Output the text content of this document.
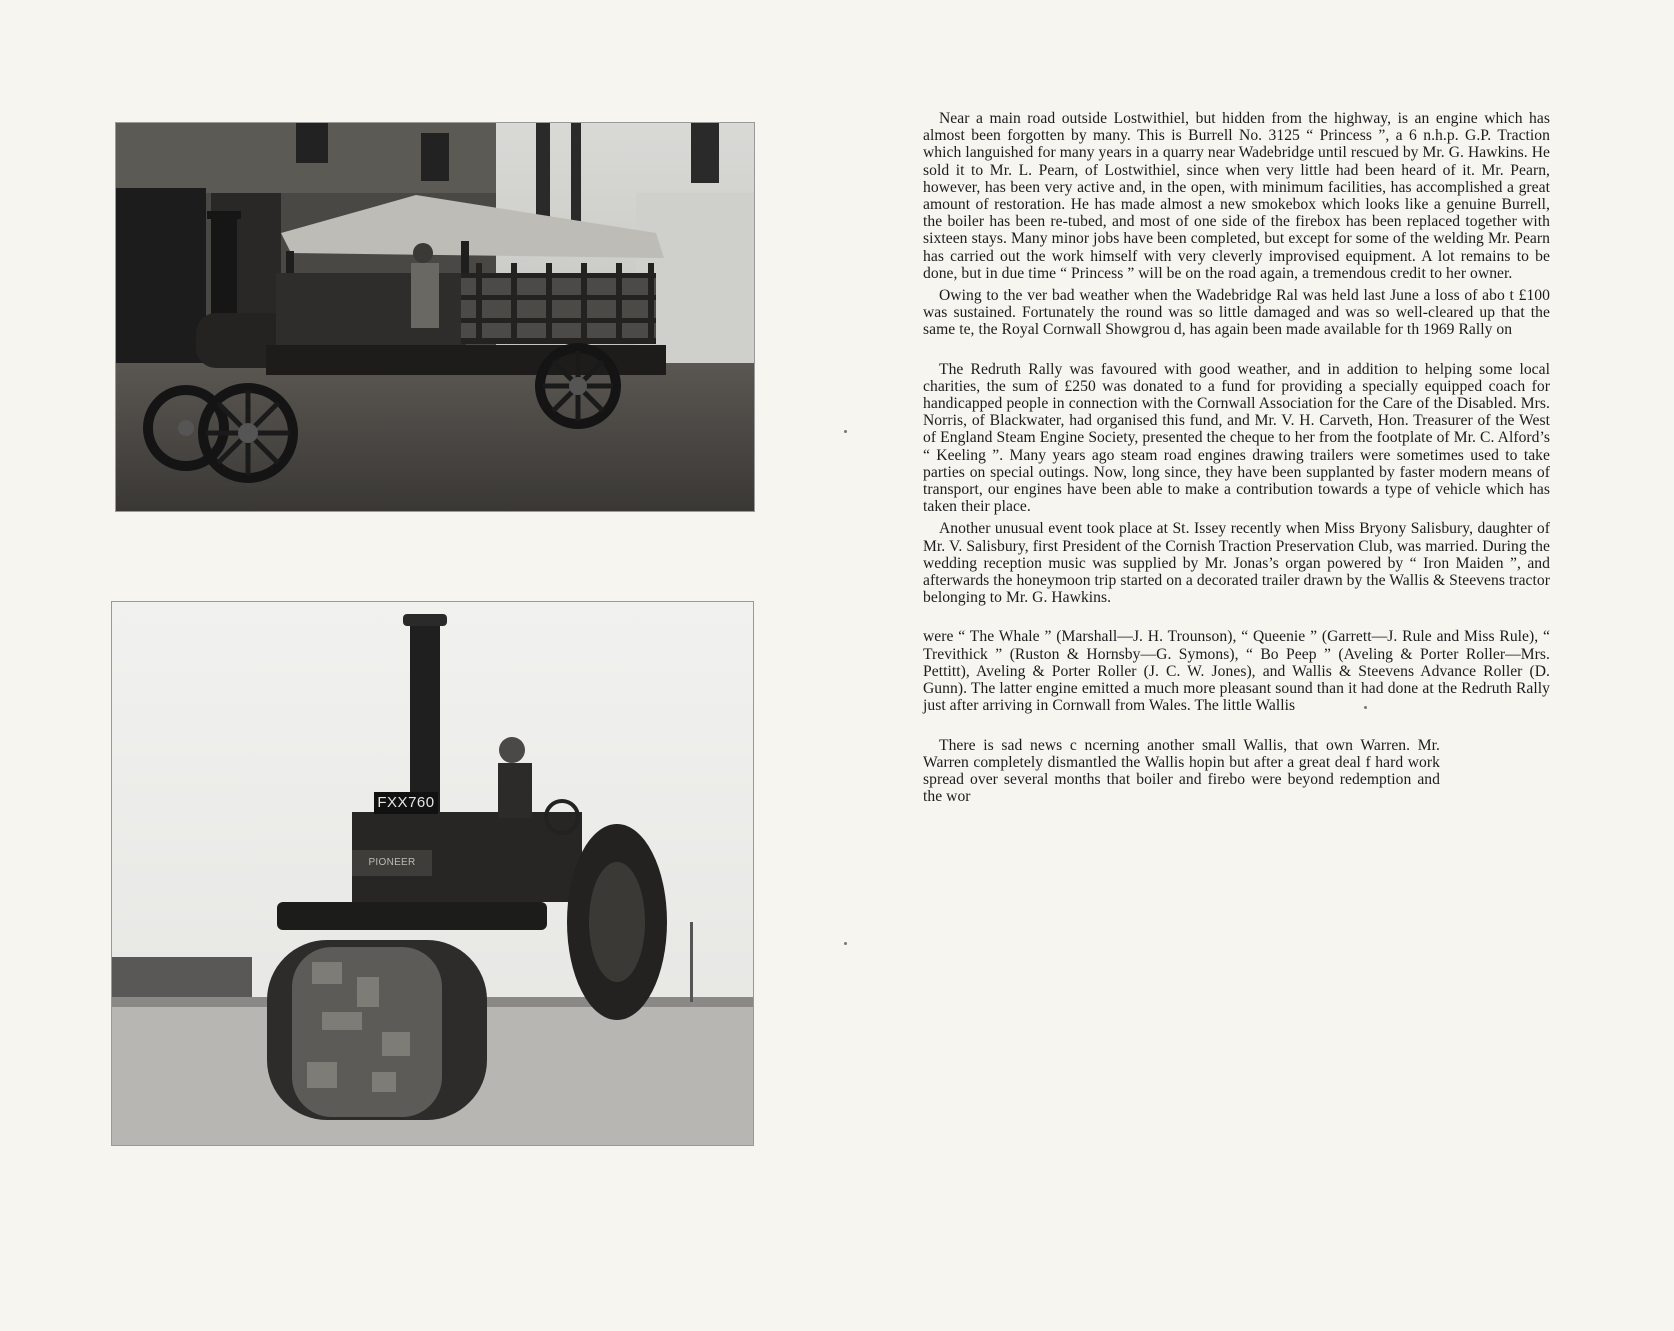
FXX760
PIONEER

Near a main road outside Lostwithiel, but hidden from the highway, is an engine which has almost been forgotten by many. This is Burrell No. 3125 “ Princess ”, a 6 n.h.p. G.P. Traction which languished for many years in a quarry near Wadebridge until rescued by Mr. G. Hawkins. He sold it to Mr. L. Pearn, of Lostwithiel, since when very little had been heard of it. Mr. Pearn, however, has been very active and, in the open, with minimum facilities, has accomplished a great amount of restoration. He has made almost a new smokebox which looks like a genuine Burrell, the boiler has been re-tubed, and most of one side of the firebox has been replaced together with sixteen stays. Many minor jobs have been completed, but except for some of the welding Mr. Pearn has carried out the work himself with very cleverly improvised equipment. A lot remains to be done, but in due time “ Princess ” will be on the road again, a tremendous credit to her owner.

Owing to the ver bad weather when the Wadebridge Ral was held last June a loss of abo t £100 was sustained. Fortunately the round was so little damaged and was so well-cleared up that the same te, the Royal Cornwall Showgrou d, has again been made available for th 1969 Rally on

The Redruth Rally was favoured with good weather, and in addition to helping some local charities, the sum of £250 was donated to a fund for providing a specially equipped coach for handicapped people in connection with the Cornwall Association for the Care of the Disabled. Mrs. Norris, of Blackwater, had organised this fund, and Mr. V. H. Carveth, Hon. Treasurer of the West of England Steam Engine Society, presented the cheque to her from the footplate of Mr. C. Alford’s “ Keeling ”. Many years ago steam road engines drawing trailers were sometimes used to take parties on special outings. Now, long since, they have been supplanted by faster modern means of transport, our engines have been able to make a contribution towards a type of vehicle which has taken their place.

Another unusual event took place at St. Issey recently when Miss Bryony Salisbury, daughter of Mr. V. Salisbury, first President of the Cornish Traction Preservation Club, was married. During the wedding reception music was supplied by Mr. Jonas’s organ powered by “ Iron Maiden ”, and afterwards the honeymoon trip started on a decorated trailer drawn by the Wallis & Steevens tractor belonging to Mr. G. Hawkins.

were “ The Whale ” (Marshall—J. H. Trounson), “ Queenie ” (Garrett—J. Rule and Miss Rule), “ Trevithick ” (Ruston & Hornsby—G. Symons), “ Bo Peep ” (Aveling & Porter Roller—Mrs. Pettitt), Aveling & Porter Roller (J. C. W. Jones), and Wallis & Steevens Advance Roller (D. Gunn). The latter engine emitted a much more pleasant sound than it had done at the Redruth Rally just after arriving in Cornwall from Wales. The little Wallis

There is sad news c ncerning another small Wallis, that own Warren. Mr. Warren completely dismantled the Wallis hopin but after a great deal f hard work spread over several months that boiler and firebo were beyond redemption and the wor
